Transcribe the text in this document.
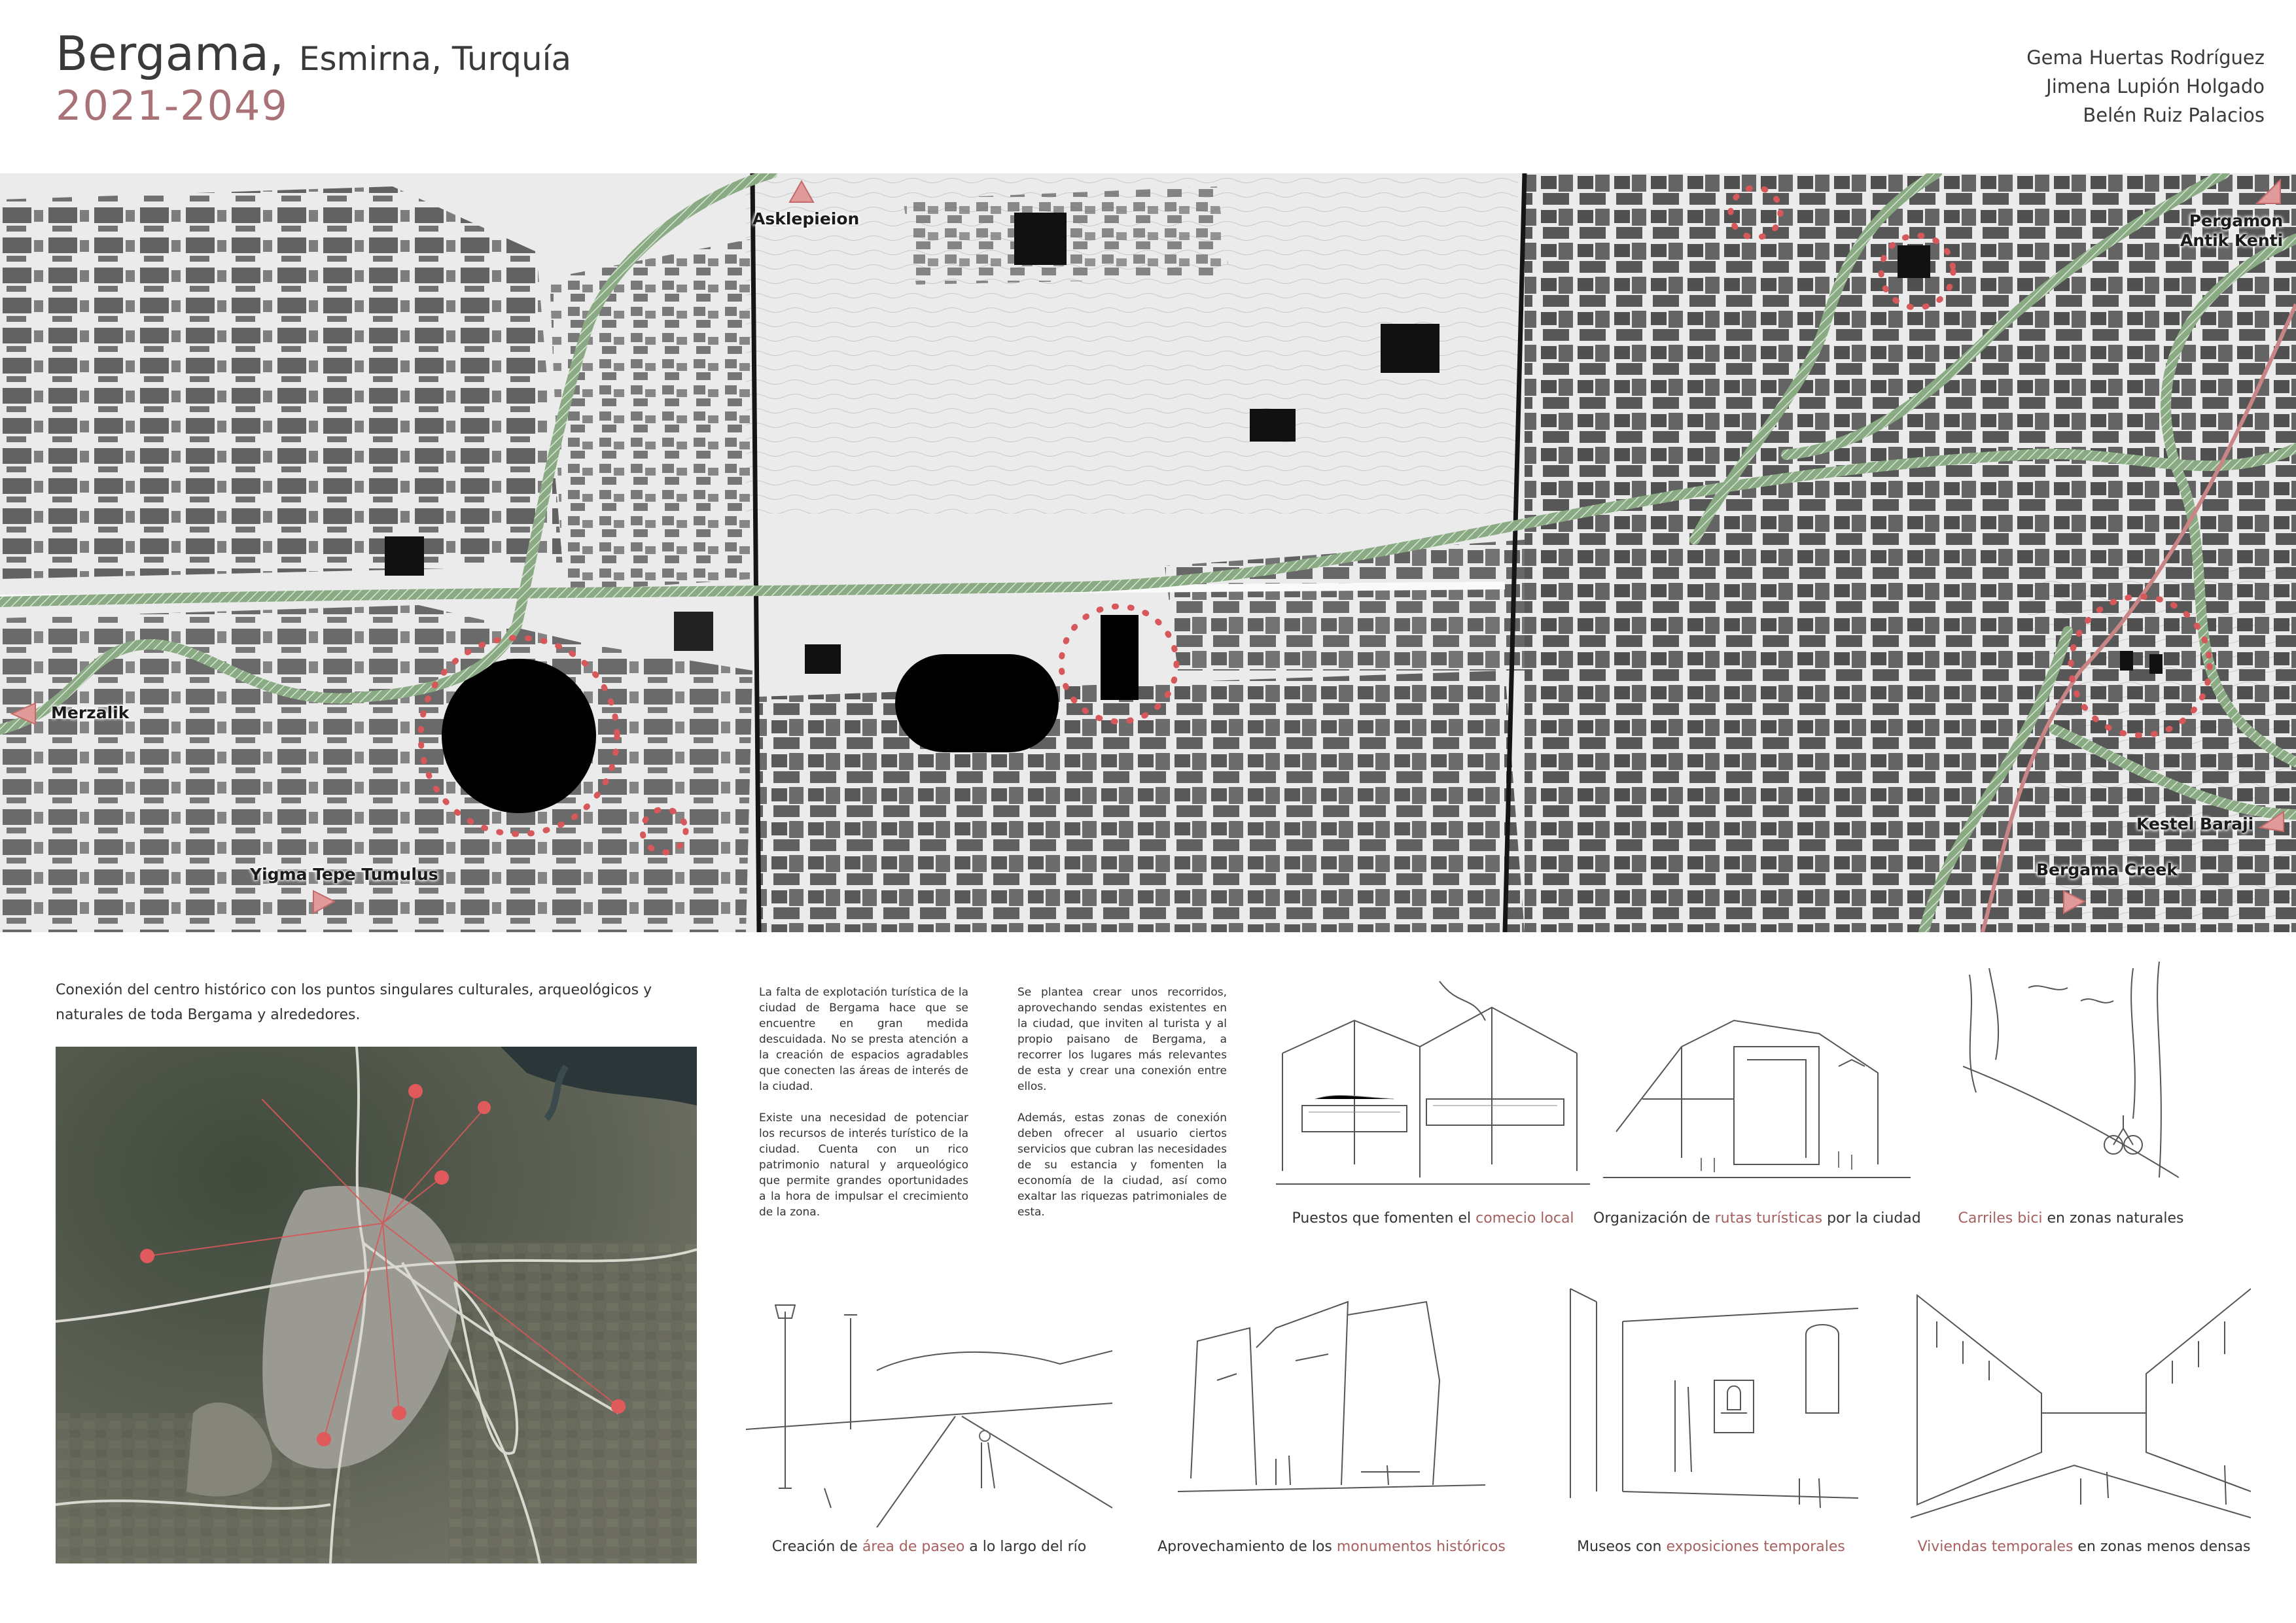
Bergama, Esmirna, Turquía
2021-2049
Gema Huertas Rodríguez
Jimena Lupión Holgado
Belén Ruiz Palacios
Asklepieion	Pergamon
Antik Kenti
Merzalik
Yigma Tepe Tumulus
Kestel Baraji
Bergama Creek
Conexión del centro histórico con los puntos singulares culturales, arqueológicos y naturales de toda Bergama y alrededores.

La falta de explotación turística de la ciudad de Bergama hace que se encuentre en gran medida descuidada. No se presta atención a la creación de espacios agradables que conecten las áreas de interés de la ciudad.

Existe una necesidad de potenciar los recursos de interés turístico de la ciudad. Cuenta con un rico patrimonio natural y arqueológico que permite grandes oportunidades a la hora de impulsar el crecimiento de la zona.

Se plantea crear unos recorridos, aprovechando sendas existentes en la ciudad, que inviten al turista y al propio paisano de Bergama, a recorrer los lugares más relevantes de esta y crear una conexión entre ellos.

Además, estas zonas de conexión deben ofrecer al usuario ciertos servicios que cubran las necesidades de su estancia y fomenten la economía de la ciudad, así como exaltar las riquezas patrimoniales de esta.	Puestos que fomenten el comecio local	Organización de rutas turísticas por la ciudad	Carriles bici en zonas naturales
Creación de área de paseo a lo largo del río	Aprovechamiento de los monumentos históricos	Museos con exposiciones temporales	Viviendas temporales en zonas menos densas
